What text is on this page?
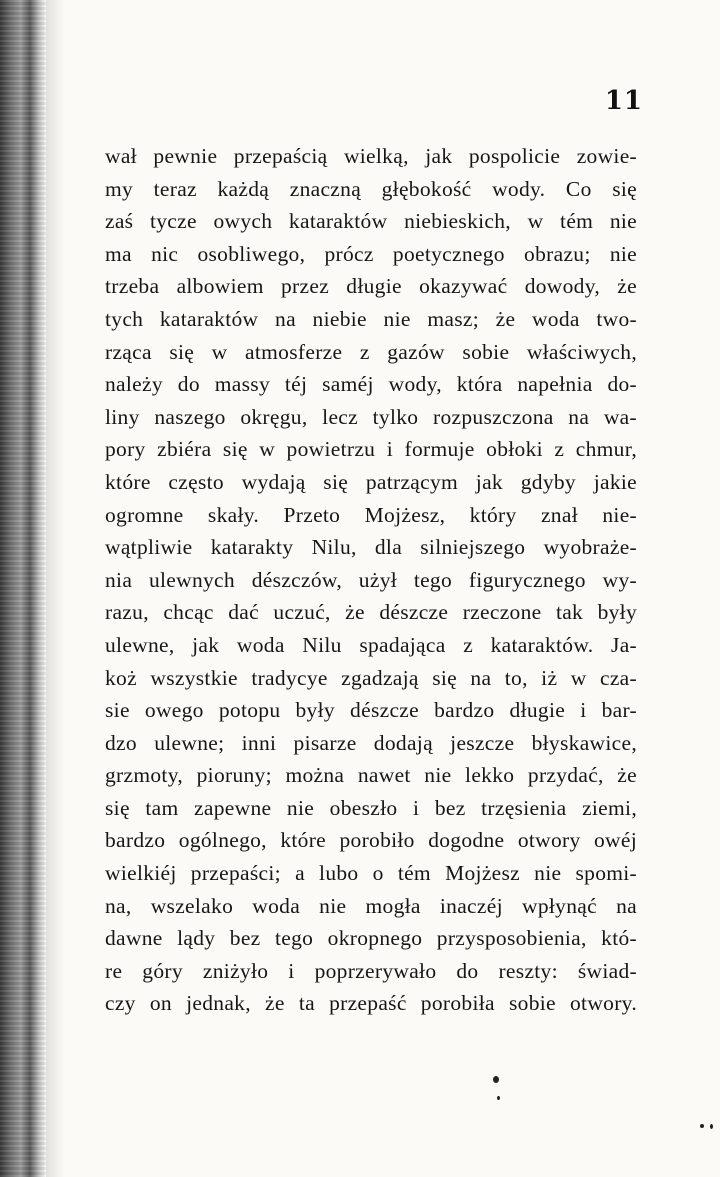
11
wał pewnie przepaścią wielką, jak pospolicie zowie-
my teraz każdą znaczną głębokość wody. Co się
zaś tycze owych kataraktów niebieskich, w tém nie
ma nic osobliwego, prócz poetycznego obrazu; nie
trzeba albowiem przez długie okazywać dowody, że
tych kataraktów na niebie nie masz; że woda two-
rząca się w atmosferze z gazów sobie właściwych,
należy do massy téj saméj wody, która napełnia do-
liny naszego okręgu, lecz tylko rozpuszczona na wa-
pory zbiéra się w powietrzu i formuje obłoki z chmur,
które często wydają się patrzącym jak gdyby jakie
ogromne skały. Przeto Mojżesz, który znał nie-
wątpliwie katarakty Nilu, dla silniejszego wyobraże-
nia ulewnych dészczów, użył tego figurycznego wy-
razu, chcąc dać uczuć, że dészcze rzeczone tak były
ulewne, jak woda Nilu spadająca z kataraktów. Ja-
koż wszystkie tradycye zgadzają się na to, iż w cza-
sie owego potopu były dészcze bardzo długie i bar-
dzo ulewne; inni pisarze dodają jeszcze błyskawice,
grzmoty, pioruny; można nawet nie lekko przydać, że
się tam zapewne nie obeszło i bez trzęsienia ziemi,
bardzo ogólnego, które porobiło dogodne otwory owéj
wielkiéj przepaści; a lubo o tém Mojżesz nie spomi-
na, wszelako woda nie mogła inaczéj wpłynąć na
dawne lądy bez tego okropnego przysposobienia, któ-
re góry zniżyło i poprzerywało do reszty: świad-
czy on jednak, że ta przepaść porobiła sobie otwory.
